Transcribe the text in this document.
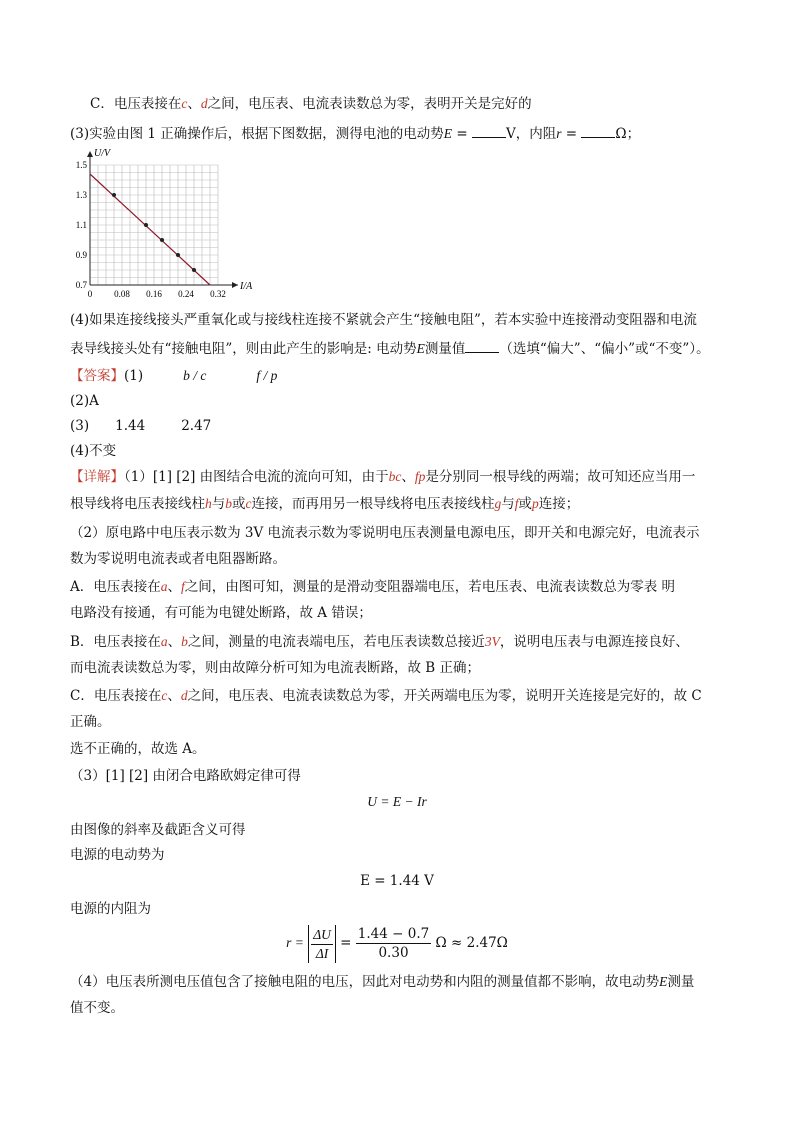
C．电压表接在c、d之间，电压表、电流表读数总为零，表明开关是完好的
(3)实验由图 1 正确操作后，根据下图数据，测得电池的电动势E =	V，内阻r =	Ω；
0 0.08 0.16 0.24 0.32
0.7
0.9
1.1
1.3
1.5
U/V
I/A
(4)如果连接线接头严重氧化或与接线柱连接不紧就会产生“接触电阻”，若本实验中连接滑动变阻器和电流
表导线接头处有“接触电阻”，则由此产生的影响是: 电动势E测量值	（选填“偏大”、“偏小”或“不变”）。
【答案】(1)	b / c	f / p
(2)A
(3) 1.44	2.47
(4)不变
【详解】（1）[1] [2] 由图结合电流的流向可知，由于bc、fp是分别同一根导线的两端；故可知还应当用一
根导线将电压表接线柱h与b或c连接，而再用另一根导线将电压表接线柱g与f或p连接；
（2）原电路中电压表示数为 3V 电流表示数为零说明电压表测量电源电压，即开关和电源完好，电流表示
数为零说明电流表或者电阻器断路。
A．电压表接在a、f之间，由图可知，测量的是滑动变阻器端电压，若电压表、电流表读数总为零表 明
电路没有接通，有可能为电键处断路，故 A 错误；
B．电压表接在a、b之间，测量的电流表端电压，若电压表读数总接近3V，说明电压表与电源连接良好、
而电流表读数总为零，则由故障分析可知为电流表断路，故 B 正确；
C．电压表接在c、d之间，电压表、电流表读数总为零，开关两端电压为零，说明开关连接是完好的，故 C
正确。
选不正确的，故选 A。
（3）[1] [2] 由闭合电路欧姆定律可得
U = E − Ir
由图像的斜率及截距含义可得
电源的电动势为
E = 1.44 V
电源的内阻为
$r = \frac{\Delta U}{\Delta I} = \frac{1.44 - 0.7}{0.30}$ Ω ≈ 2.47Ω
（4）电压表所测电压值包含了接触电阻的电压，因此对电动势和内阻的测量值都不影响，故电动势E测量
值不变。
